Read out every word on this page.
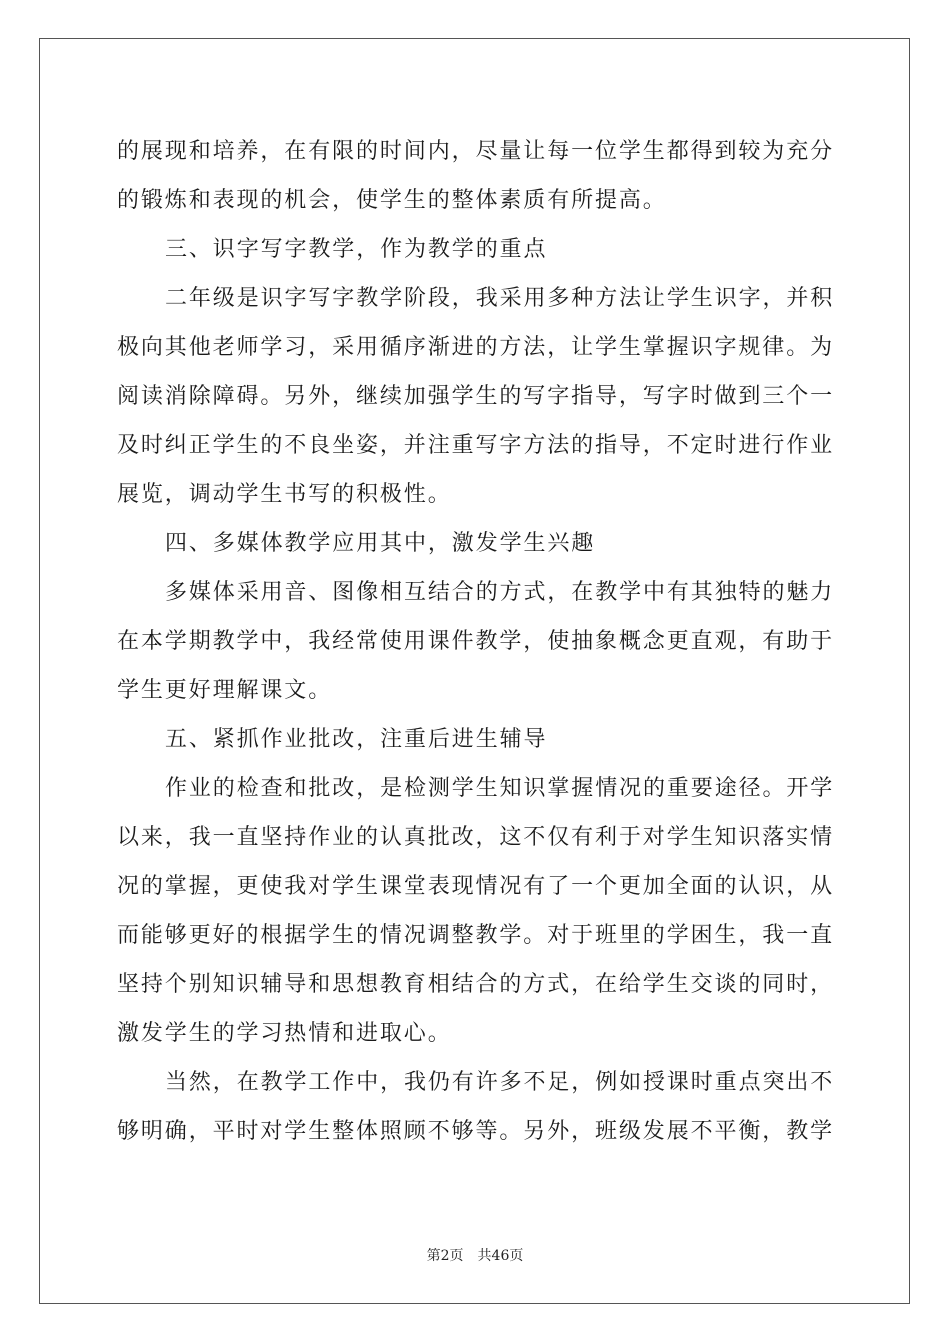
的展现和培养，在有限的时间内，尽量让每一位学生都得到较为充分
的锻炼和表现的机会，使学生的整体素质有所提高。
三、识字写字教学，作为教学的重点
二年级是识字写字教学阶段，我采用多种方法让学生识字，并积
极向其他老师学习，采用循序渐进的方法，让学生掌握识字规律。为
阅读消除障碍。另外，继续加强学生的写字指导，写字时做到三个一
及时纠正学生的不良坐姿，并注重写字方法的指导，不定时进行作业
展览，调动学生书写的积极性。
四、多媒体教学应用其中，激发学生兴趣
多媒体采用音、图像相互结合的方式，在教学中有其独特的魅力
在本学期教学中，我经常使用课件教学，使抽象概念更直观，有助于
学生更好理解课文。
五、紧抓作业批改，注重后进生辅导
作业的检查和批改，是检测学生知识掌握情况的重要途径。开学
以来，我一直坚持作业的认真批改，这不仅有利于对学生知识落实情
况的掌握，更使我对学生课堂表现情况有了一个更加全面的认识，从
而能够更好的根据学生的情况调整教学。对于班里的学困生，我一直
坚持个别知识辅导和思想教育相结合的方式，在给学生交谈的同时，
激发学生的学习热情和进取心。
当然，在教学工作中，我仍有许多不足，例如授课时重点突出不
够明确，平时对学生整体照顾不够等。另外，班级发展不平衡，教学
第2页 共46页
